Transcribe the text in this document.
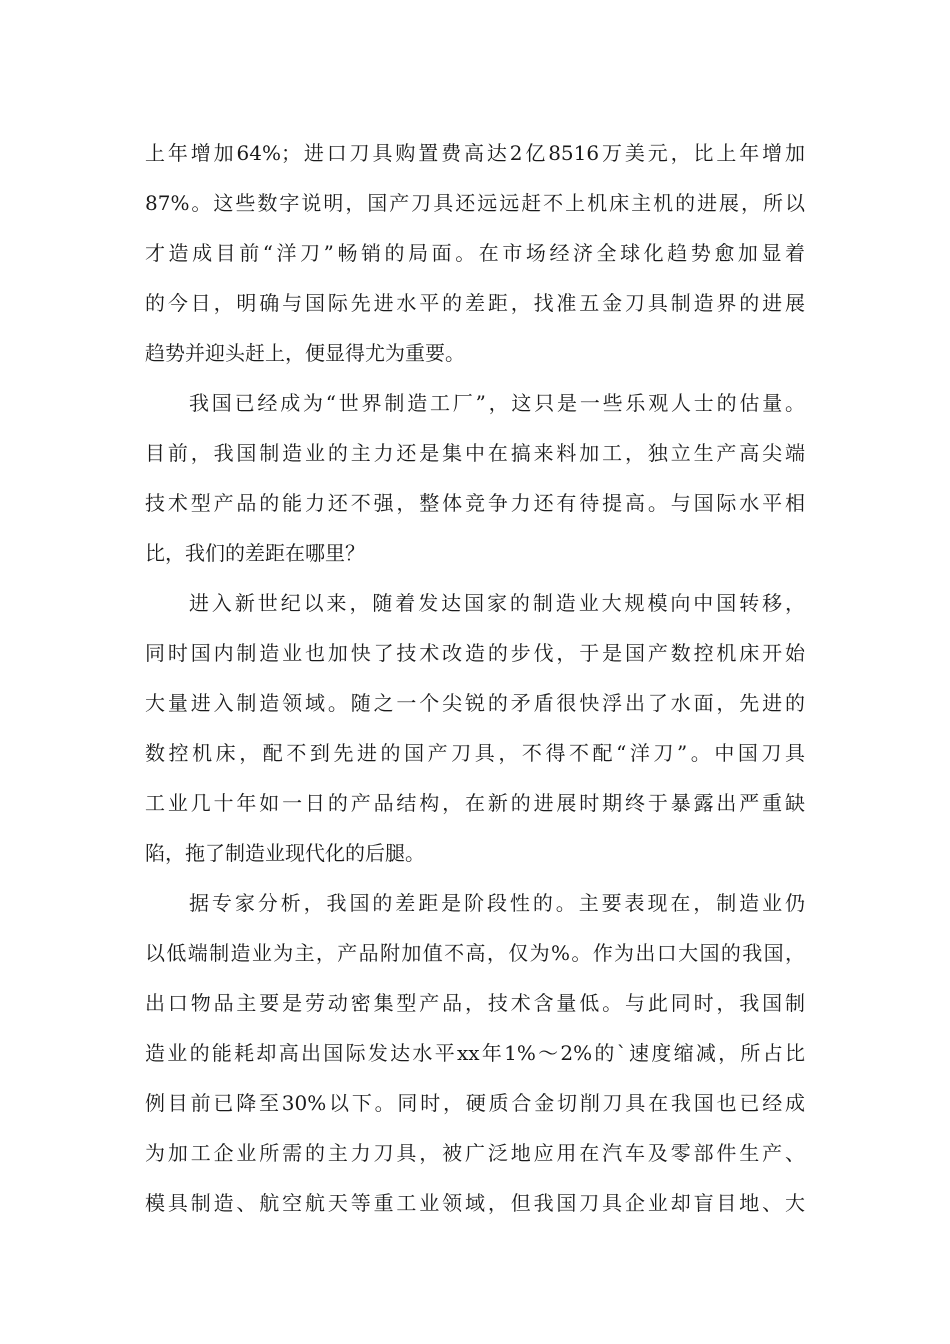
上年增加64%；进口刀具购置费高达2亿8516万美元，比上年增加
87%。这些数字说明，国产刀具还远远赶不上机床主机的进展，所以
才造成目前“洋刀”畅销的局面。在市场经济全球化趋势愈加显着
的今日，明确与国际先进水平的差距，找准五金刀具制造界的进展
趋势并迎头赶上，便显得尤为重要。
我国已经成为“世界制造工厂”，这只是一些乐观人士的估量。
目前，我国制造业的主力还是集中在搞来料加工，独立生产高尖端
技术型产品的能力还不强，整体竞争力还有待提高。与国际水平相
比，我们的差距在哪里？
进入新世纪以来，随着发达国家的制造业大规模向中国转移，
同时国内制造业也加快了技术改造的步伐，于是国产数控机床开始
大量进入制造领域。随之一个尖锐的矛盾很快浮出了水面，先进的
数控机床，配不到先进的国产刀具，不得不配“洋刀”。中国刀具
工业几十年如一日的产品结构，在新的进展时期终于暴露出严重缺
陷，拖了制造业现代化的后腿。
据专家分析，我国的差距是阶段性的。主要表现在，制造业仍
以低端制造业为主，产品附加值不高，仅为%。作为出口大国的我国，
出口物品主要是劳动密集型产品，技术含量低。与此同时，我国制
造业的能耗却高出国际发达水平xx年1%～2%的`速度缩减，所占比
例目前已降至30%以下。同时，硬质合金切削刀具在我国也已经成
为加工企业所需的主力刀具，被广泛地应用在汽车及零部件生产、
模具制造、航空航天等重工业领域，但我国刀具企业却盲目地、大
